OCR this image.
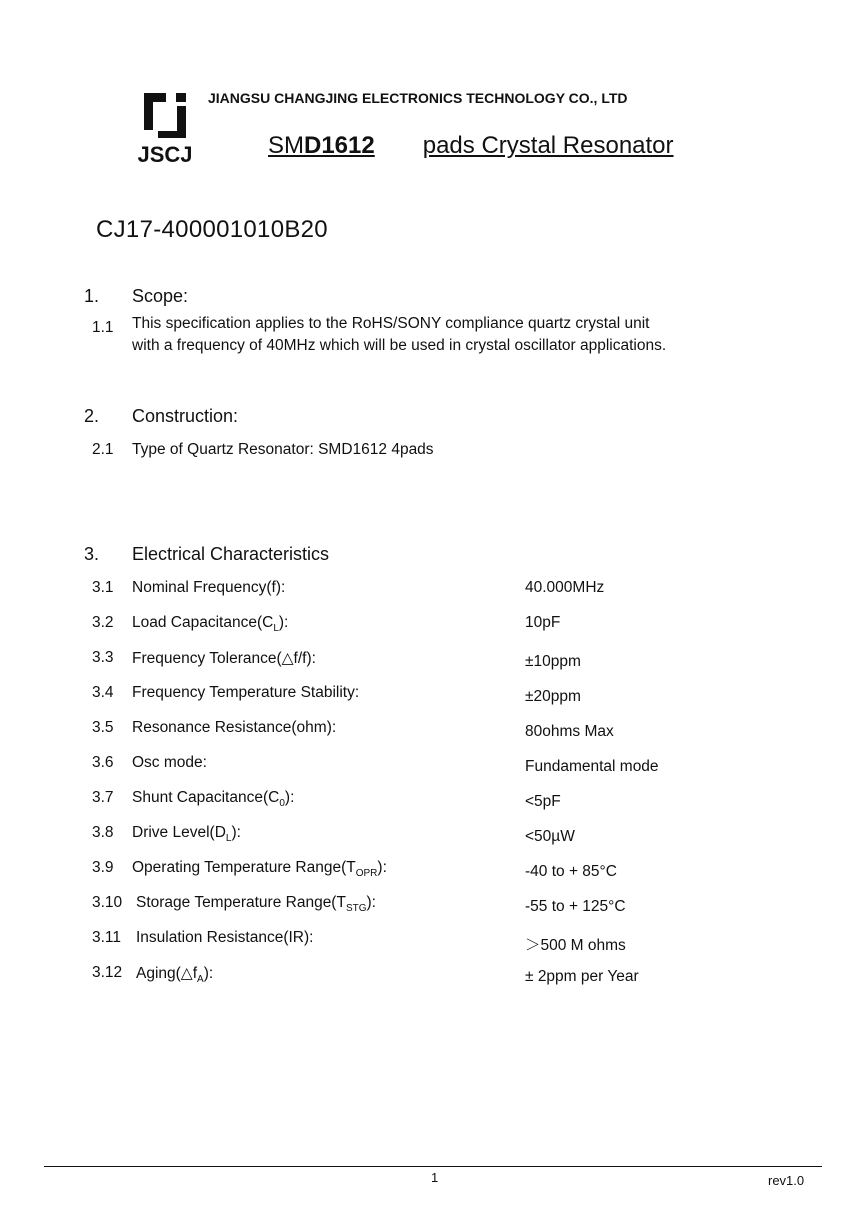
JSCJ
JIANGSU CHANGJING ELECTRONICS TECHNOLOGY CO., LTD
SMD1612 pads Crystal Resonator
CJ17-400001010B20
1. Scope:
1.1 This specification applies to the RoHS/SONY compliance quartz crystal unit
with a frequency of 40MHz which will be used in crystal oscillator applications.
2. Construction:
2.1 Type of Quartz Resonator: SMD1612 4pads
3. Electrical Characteristics
3.1 Nominal Frequency(f):	40.000MHz
3.2 Load $Capacitance(C_L)$:	10pF
3.3 Frequency Tolerance(△f/f):	±10ppm
3.4 Frequency Temperature Stability:	±20ppm
3.5 Resonance Resistance(ohm):	80ohms Max
3.6 Osc mode:	Fundamental mode
3.7 Shunt $Capacitance(C_0)$:	<5pF
3.8 Drive $Level(D_L)$:	<50µW
3.9 Operating Temperature $Range(T_{OPR})$:	-40 to + 85°C
3.10 Storage Temperature $Range(T_{STG})$:	-55 to + 125°C
3.11 Insulation Resistance(IR):	＞500 M ohms
3.12 $Aging(\triangle f_A)$:	± 2ppm per Year
1	rev1.0
